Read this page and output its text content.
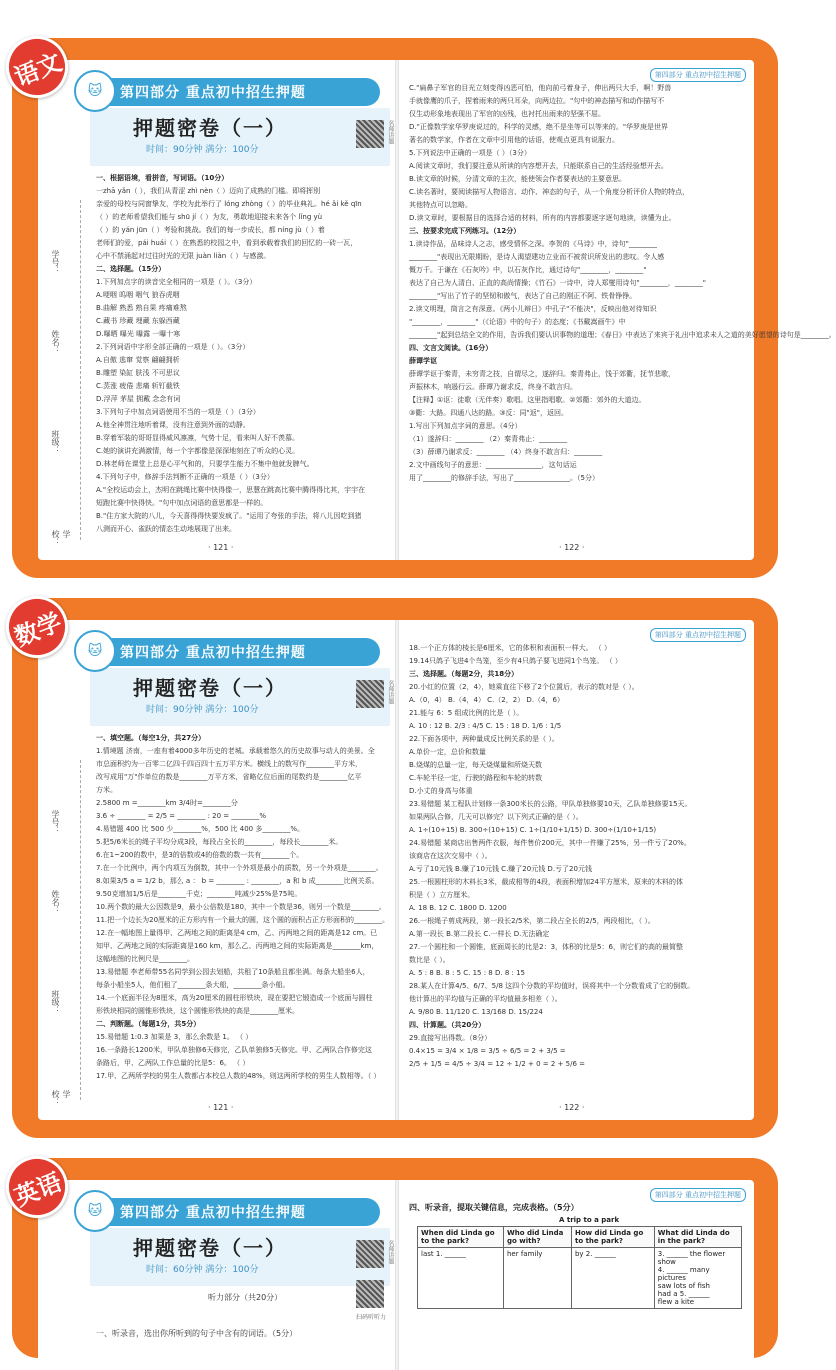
第四部分 重点初中招生押题
🐱
押题密卷（一）
时间：90分钟 满分：100分
名师讲题
学校：
班级：
姓名：
学号：
一、根据语境，看拼音，写词语。（10分）
一zhā yǎn（ ），我们从青涩 zhì nèn（ ）迈向了成熟的门槛。即将挥别
亲爱的母校与同窗挚友，学校为此举行了 lóng zhòng（ ）的毕业典礼。hé ǎi kě qīn
（ ）的老师希望我们能与 shū jí（ ）为友，勇敢地迎接未来各个 lǐng yù
（ ）的 yán jūn（ ）考验和挑战。我们的每一步成长，都 níng jù（ ）着
老师们的爱，pái huái（ ）在熟悉的校园之中，看到承载着我们的回忆的一砖一瓦，
心中不禁涌起对过往时光的无限 juàn liàn（ ）与感激。
二、选择题。（15分）
1.下列加点字的读音完全相同的一项是（ ）。（3分）
A.哽咽 呜咽 咽气 狼吞虎咽
B.曲解 熟悉 熟自果 疼痛难熬
C.藏书 珍藏 埋藏 东躲西藏
D.曝晒 曝光 曝露 一曝十寒
2.下列词语中字形全部正确的一项是（ ）。（3分）
A.自傲 逃窜 觉察 翩翩拥析
B.雕塑 染缸 肤浅 不可思议
C.蒸涨 疲倦 悲痛 斩钉截铁
D.浮萍 茅屋 拥戴 念念有词
3.下列句子中加点词语使用不当的一项是（ ）（3分）
A.他全神贯注地听着课，没有注意到外面的动静。
B.穿着军装的哥哥显得威风凛凛，气势十足，看来叫人好不羡慕。
C.她的演讲充满激情，每一个字都像是深深地刻在了听众的心灵。
D.林老师在课堂上总是心平气和的，只要学生能力不集中他就发脾气。
4.下列句子中，修辞手法判断不正确的一项是（ ）（3分）
A."全校运动会上，杰明在跳绳比赛中快得像一，思慧在跳高比赛中腾得得比其，宇宇在
短跑比赛中快得快。"句中加点词语的意思都是一样的。
B."住方家大院的八儿，今天喜得得快要发疯了。"运用了夸张的手法，将八儿因吃到猪
八测而开心、雀跃的情态生动地展现了出来。
· 121 ·
第四部分 重点初中招生押题
C."扁鼻子军官的目光立刻变得凶恶可怕，他向前弓着身子，伸出两只大手，啊！野兽
手就像鹰的爪子，捏着雨来的两只耳朵，向两边拉。"句中的神态描写和动作描写不
仅生动形象地表现出了军官的凶残，也衬托出雨来的坚强不屈。
D."正像数学家华罗庚说过的，科学的灵感，绝不是坐等可以等来的。"华罗庚是世界
著名的数学家，作者在文章中引用他的话语，使观点更具有说服力。
5.下列说法中正确的一项是（ ）（3分）
A.阅读文章时，我们要注意从所读的内容想开去，只能联系自己的生活经验想开去。
B.读文章的时候，分清文章的主次，能使领会作者要表达的主要意思。
C.读名著时，要阅读描写人物语言、动作、神态的句子，从一个角度分析评价人物的特点，
其他特点可以忽略。
D.读文章时，要根据目的选择合适的材料，所有的内容都要逐字逐句地读，读懂为止。
三、按要求完成下列练习。（12分）
1.读诗作品，品味诗人之志，感受情怀之深。李贺的《马诗》中，诗句"________
________"表现出无限期盼，是诗人渴望建功立业而不被赏识所发出的悲叹。令人感
慨万千。于谦在《石灰吟》中，以石灰作比，通过诗句"________，________"
表达了自己为人清白、正直的高尚情操；《竹石》一诗中，诗人郑燮用诗句"________，________"
________"写出了竹子的坚韧和傲气，表达了自己的刚正不阿、铁骨铮铮。
2.读文明理，筒言之有深意。《两小儿辩日》中孔子"不能决"，反映出他对待知识
"________，________"（《论语》中的句子）的态度；《书戴嵩画牛》中
________"起到总结全文的作用，告诉我们要认识事物的道理；《春日》中表达了来宾于礼出中追求未人之道的美好愿望的诗句是________。
四、文言文阅读。（16分）
薛谭学讴
薛谭学讴于秦青，未穷青之技，自谓尽之，遂辞归。秦青弗止，饯于郊衢，抚节悲歌，
声振林木，响遏行云。薛谭乃谢求反，终身不敢言归。
【注释】①讴：徒歌（无伴奏）歌唱。这里指唱歌。②郊衢：郊外的大道边。
③衢：大路。四通八达的路。③反：同"返"，返回。
1.写出下列加点字词的意思。（4分）
（1）遂辞归：________ （2）秦青弗止：________
（3）薛谭乃谢求反：________ （4）终身不敢言归：________
2.文中画线句子的意思：________________，这句话运
用了________的修辞手法，写出了________________。（5分）
· 122 ·
语文
第四部分 重点初中招生押题
🐱
押题密卷（一）
时间：90分钟 满分：100分
名师讲题
学校：
班级：
姓名：
学号：
一、填空题。（每空1分，共27分）
1.情境题 济南，一座有着4000多年历史的老城。承载着悠久的历史故事与动人的美景。全
市总面积约为一百零二亿四千四百四十五万平方米。横线上的数写作________平方米，
改写成用"万"作单位的数是________万平方米，省略亿位后面的尾数约是________亿平
方米。
2.5800 m =________km 3/4时=________分
3.6 ÷ ________ = 2/5 = ________ : 20 = ________%
4.易错题 400 比 500 少________%，500 比 400 多________%。
5.把5/6米长的绳子平均分成3段，每段占全长的________，每段长________米。
6.在1~200的数中，是3的倍数或4的倍数的数一共有________个。
7.在一个比例中，两个内项互为倒数，其中一个外项是最小的质数，另一个外项是________。
8.如果3/5 a = 1/2 b，那么 a ： b = ________ : ________，a 和 b 成________比例关系。
9.50克增加1/5后是________千克；________吨减少25%是75吨。
10.两个数的最大公因数是9，最小公倍数是180，其中一个数是36，则另一个数是________。
11.把一个边长为20厘米的正方形内有一个最大的圆，这个圆的面积占正方形面积的________。
12.在一幅地图上量得甲、乙两地之间的距离是4 cm，乙、丙两地之间的距离是12 cm。已
知甲、乙两地之间的实际距离是160 km，那么乙、丙两地之间的实际距离是________km，
这幅地图的比例尺是________。
13.易错题 李老师带55名同学到公园去划船，共租了10条船且都坐满。每条大船坐6人，
每条小船坐5人，他们租了________条大船，________条小船。
14.一个底面半径为8厘米，高为20厘米的圆柱形铁块，现在要把它锻造成一个底面与圆柱
形铁块相同的圆锥形铁块，这个圆锥形铁块的高是________厘米。
二、判断题。（每题1分，共5分）
15.易错题 1:0.3 加果是 3，那么余数是 1。 （ ）
16.一条路长1200米，甲队单独修6天修完，乙队单独修5天修完。甲、乙两队合作修完这
条路后，甲、乙两队工作总量的比是5：6。 （ ）
17.甲、乙两所学校的男生人数都占本校总人数的48%，则这两所学校的男生人数相等。（ ）
· 121 ·
第四部分 重点初中招生押题
18.一个正方体的棱长是6厘米，它的体积和表面积一样大。 （ ）
19.14只鸽子飞进4个鸟笼，至少有4只鸽子要飞进同1个鸟笼。 （ ）
三、选择题。（每题2分，共18分）
20.小红的位置（2，4），她乘直往下移了2个位置后，表示的数对是（ ）。
A.（0，4） B.（4，4） C.（2，2） D.（4，6）
21.能与 6：5 组成比例的比是（ ）。
A. 10 : 12 B. 2/3 : 4/5 C. 15 : 18 D. 1/6 : 1/5
22.下面各项中，两种量成反比例关系的是（ ）。
A.单价一定，总价和数量
B.烧煤的总量一定，每天烧煤量和所烧天数
C.车轮半径一定，行驶的路程和车轮的转数
D.小丈的身高与体重
23.易错题 某工程队计划修一条300米长的公路，甲队单独修要10天，乙队单独修要15天。
如果两队合修，几天可以修完？以下列式正确的是（ ）。
A. 1÷(10+15) B. 300÷(10+15) C. 1÷(1/10+1/15) D. 300÷(1/10+1/15)
24.易错题 某商店出售两件衣服，每件售价200元，其中一件赚了25%，另一件亏了20%。
该商店在这次交易中（ ）。
A.亏了10元钱 B.赚了10元钱 C.赚了20元钱 D.亏了20元钱
25.一根圆柱形的木料长3米，截成相等的4段，表面积增加24平方厘米，原来的木料的体
积是（ ）立方厘米。
A. 18 B. 12 C. 1800 D. 1200
26.一根绳子剪成两段，第一段长2/5米，第二段占全长的2/5，两段相比，（ ）。
A.第一段长 B.第二段长 C.一样长 D.无法确定
27.一个圆柱和一个圆锥，底面周长的比是2：3，体积的比是5：6，则它们的高的最简整
数比是（ ）。
A. 5 : 8 B. 8 : 5 C. 15 : 8 D. 8 : 15
28.某人在计算4/5、6/7、5/8 这四个分数的平均值时，误将其中一个分数看成了它的倒数。
他计算出的平均值与正确的平均值最多相差（ ）。
A. 9/80 B. 11/120 C. 13/168 D. 15/224
四、计算题。（共20分）
29.直接写出得数。（8分）
0.4×15 = 3/4 × 1/8 = 3/5 ÷ 6/5 = 2 + 3/5 =
2/5 + 1/5 = 4/5 ÷ 3/4 = 12 ÷ 1/2 + 0 = 2 + 5/6 =
· 122 ·
数学
第四部分 重点初中招生押题
🐱
押题密卷（一）
时间：60分钟 满分：100分
名师讲题
扫码听听力
听力部分（共20分）
一、听录音，选出你所听到的句子中含有的词语。（5分）
第四部分 重点初中招生押题
四、听录音，提取关键信息，完成表格。（5分）
A trip to a park
When did Linda go to the park?	Who did Linda go with?	How did Linda go to the park?	What did Linda do in the park?
last 1. ______	her family	by 2. ______	3. ______ the flower show
4. ______ many pictures
saw lots of fish
had a 5. ______
flew a kite
英语
